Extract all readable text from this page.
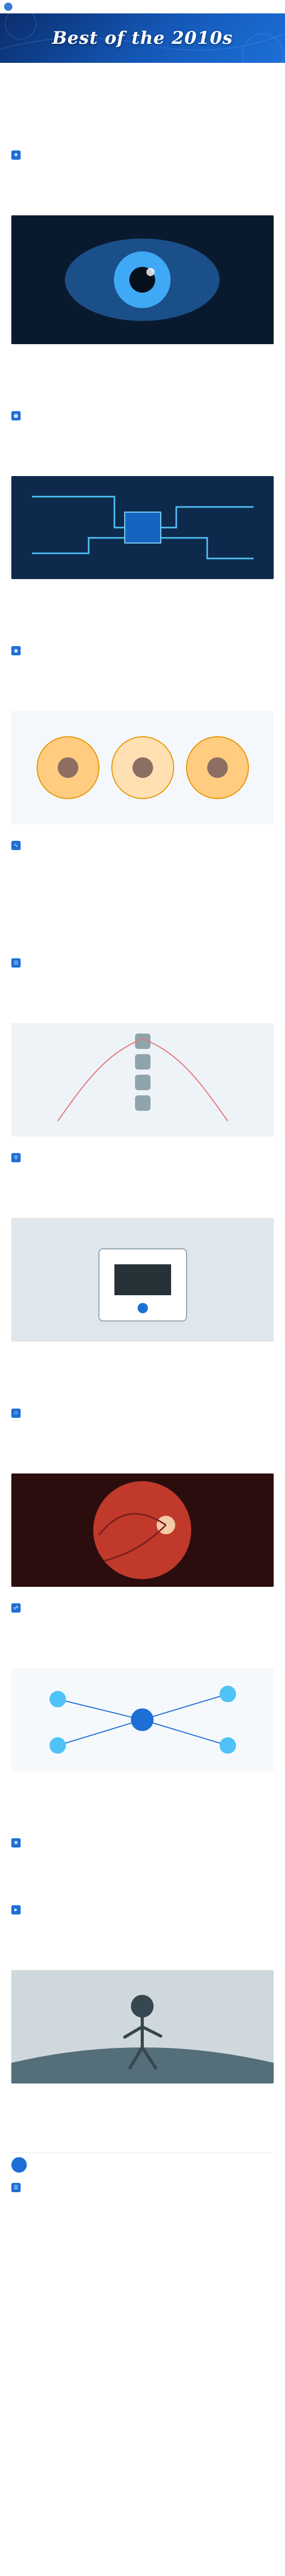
Best of the 2010s

❖

▣

◉

∿

☵

⚲

☉

☍

❋

►

☰
